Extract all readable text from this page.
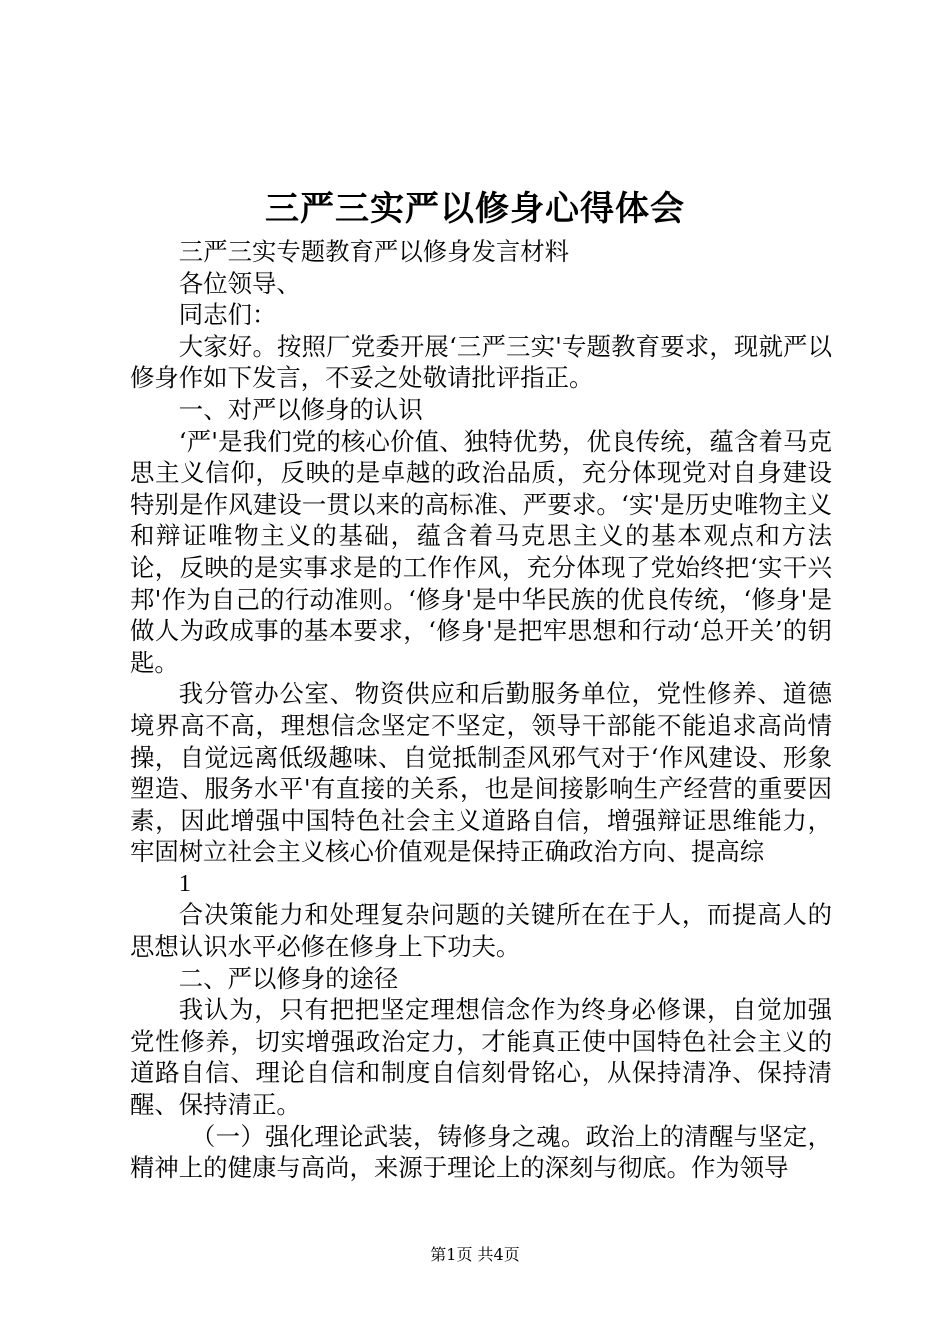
三严三实严以修身心得体会

三严三实专题教育严以修身发言材料

各位领导、

同志们：

大家好。按照厂党委开展‘三严三实'专题教育要求，现就严以修身作如下发言，不妥之处敬请批评指正。

一、对严以修身的认识

‘严'是我们党的核心价值、独特优势，优良传统，蕴含着马克思主义信仰，反映的是卓越的政治品质，充分体现党对自身建设特别是作风建设一贯以来的高标准、严要求。‘实'是历史唯物主义和辩证唯物主义的基础，蕴含着马克思主义的基本观点和方法论，反映的是实事求是的工作作风，充分体现了党始终把‘实干兴邦'作为自己的行动准则。‘修身'是中华民族的优良传统，‘修身'是做人为政成事的基本要求，‘修身'是把牢思想和行动‘总开关’的钥匙。

我分管办公室、物资供应和后勤服务单位，党性修养、道德境界高不高，理想信念坚定不坚定，领导干部能不能追求高尚情操，自觉远离低级趣味、自觉抵制歪风邪气对于‘作风建设、形象塑造、服务水平'有直接的关系，也是间接影响生产经营的重要因素，因此增强中国特色社会主义道路自信，增强辩证思维能力，牢固树立社会主义核心价值观是保持正确政治方向、提高综

1

合决策能力和处理复杂问题的关键所在在于人，而提高人的思想认识水平必修在修身上下功夫。

二、严以修身的途径

我认为，只有把把坚定理想信念作为终身必修课，自觉加强党性修养，切实增强政治定力，才能真正使中国特色社会主义的道路自信、理论自信和制度自信刻骨铭心，从保持清净、保持清醒、保持清正。

（一）强化理论武装，铸修身之魂。政治上的清醒与坚定，精神上的健康与高尚，来源于理论上的深刻与彻底。作为领导

第1页 共4页
